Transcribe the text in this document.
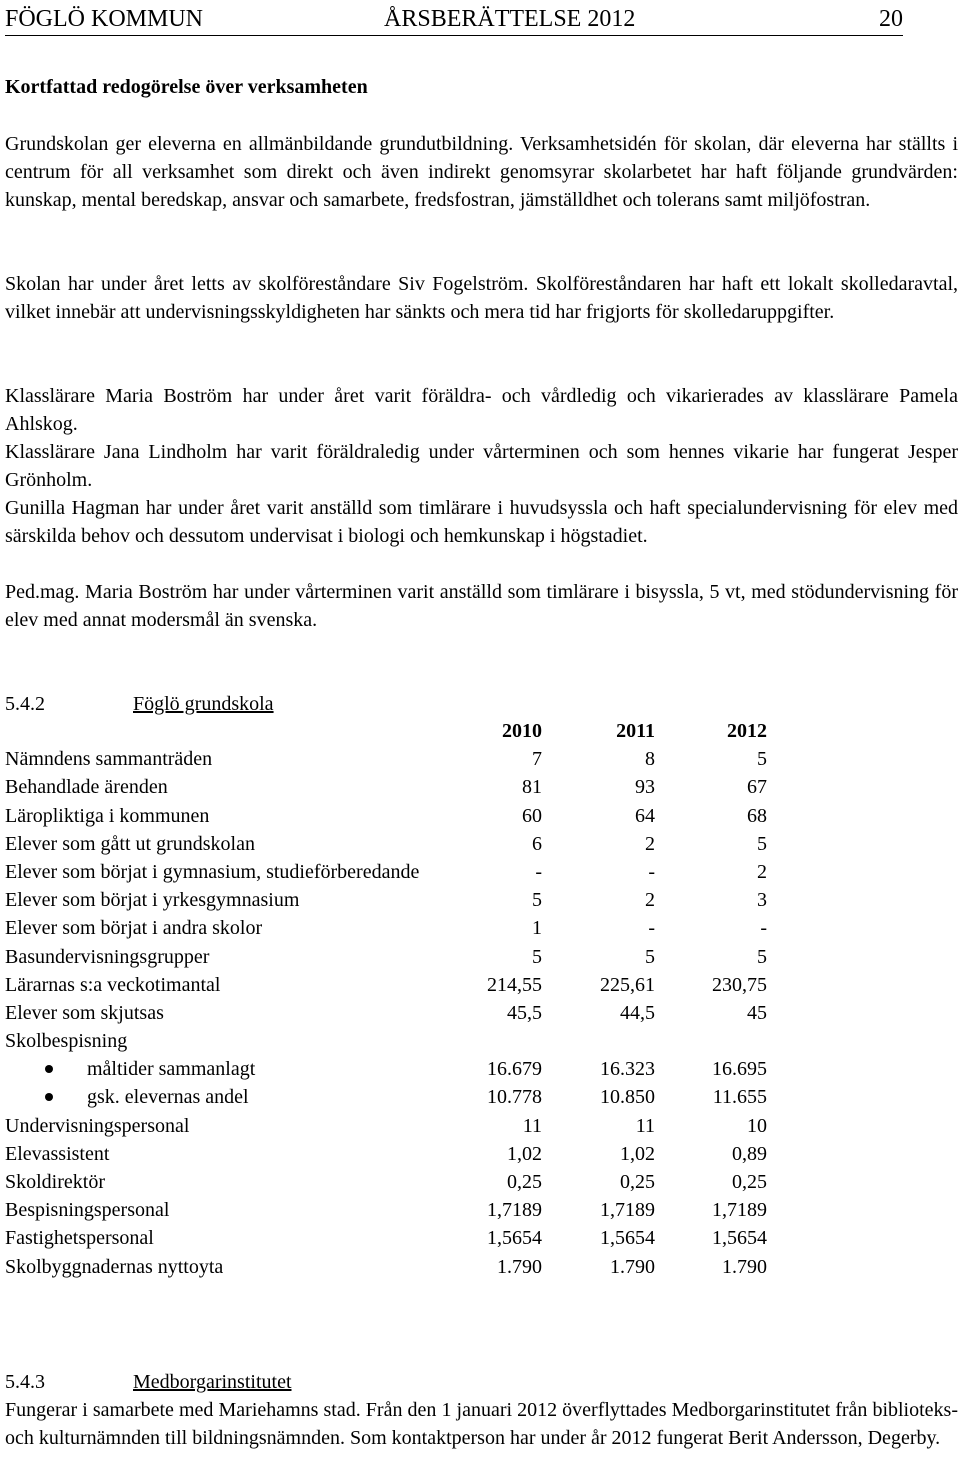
FÖGLÖ KOMMUN	ÅRSBERÄTTELSE 2012	20
Kortfattad redogörelse över verksamheten
Grundskolan ger eleverna en allmänbildande grundutbildning. Verksamhetsidén för skolan, där eleverna har ställts i centrum för all verksamhet som direkt och även indirekt genomsyrar skolarbetet har haft följande grundvärden: kunskap, mental beredskap, ansvar och samarbete, fredsfostran, jämställdhet och tolerans samt miljöfostran.
Skolan har under året letts av skolföreståndare Siv Fogelström. Skolföreståndaren har haft ett lokalt skolledaravtal, vilket innebär att undervisningsskyldigheten har sänkts och mera tid har frigjorts för skolledaruppgifter.
Klasslärare Maria Boström har under året varit föräldra- och vårdledig och vikarierades av klasslärare Pamela Ahlskog.
Klasslärare Jana Lindholm har varit föräldraledig under vårterminen och som hennes vikarie har fungerat Jesper Grönholm.
Gunilla Hagman har under året varit anställd som timlärare i huvudsyssla och haft specialundervisning för elev med särskilda behov och dessutom undervisat i biologi och hemkunskap i högstadiet.
Ped.mag. Maria Boström har under vårterminen varit anställd som timlärare i bisyssla, 5 vt, med stödundervisning för elev med annat modersmål än svenska.
5.4.2	Föglö grundskola
2010	2011	2012
Nämndens sammanträden	7	8	5
Behandlade ärenden	81	93	67
Läropliktiga i kommunen	60	64	68
Elever som gått ut grundskolan	6	2	5
Elever som börjat i gymnasium, studieförberedande	-	-	2
Elever som börjat i yrkesgymnasium	5	2	3
Elever som börjat i andra skolor	1	-	-
Basundervisningsgrupper	5	5	5
Lärarnas s:a veckotimantal	214,55	225,61	230,75
Elever som skjutsas	45,5	44,5	45
Skolbespisning
måltider sammanlagt	16.679	16.323	16.695
gsk. elevernas andel	10.778	10.850	11.655
Undervisningspersonal	11	11	10
Elevassistent	1,02	1,02	0,89
Skoldirektör	0,25	0,25	0,25
Bespisningspersonal	1,7189	1,7189	1,7189
Fastighetspersonal	1,5654	1,5654	1,5654
Skolbyggnadernas nyttoyta	1.790	1.790	1.790
5.4.3	Medborgarinstitutet
Fungerar i samarbete med Mariehamns stad. Från den 1 januari 2012 överflyttades Medborgarinstitutet från biblioteks- och kulturnämnden till bildningsnämnden. Som kontaktperson har under år 2012 fungerat Berit Andersson, Degerby.
